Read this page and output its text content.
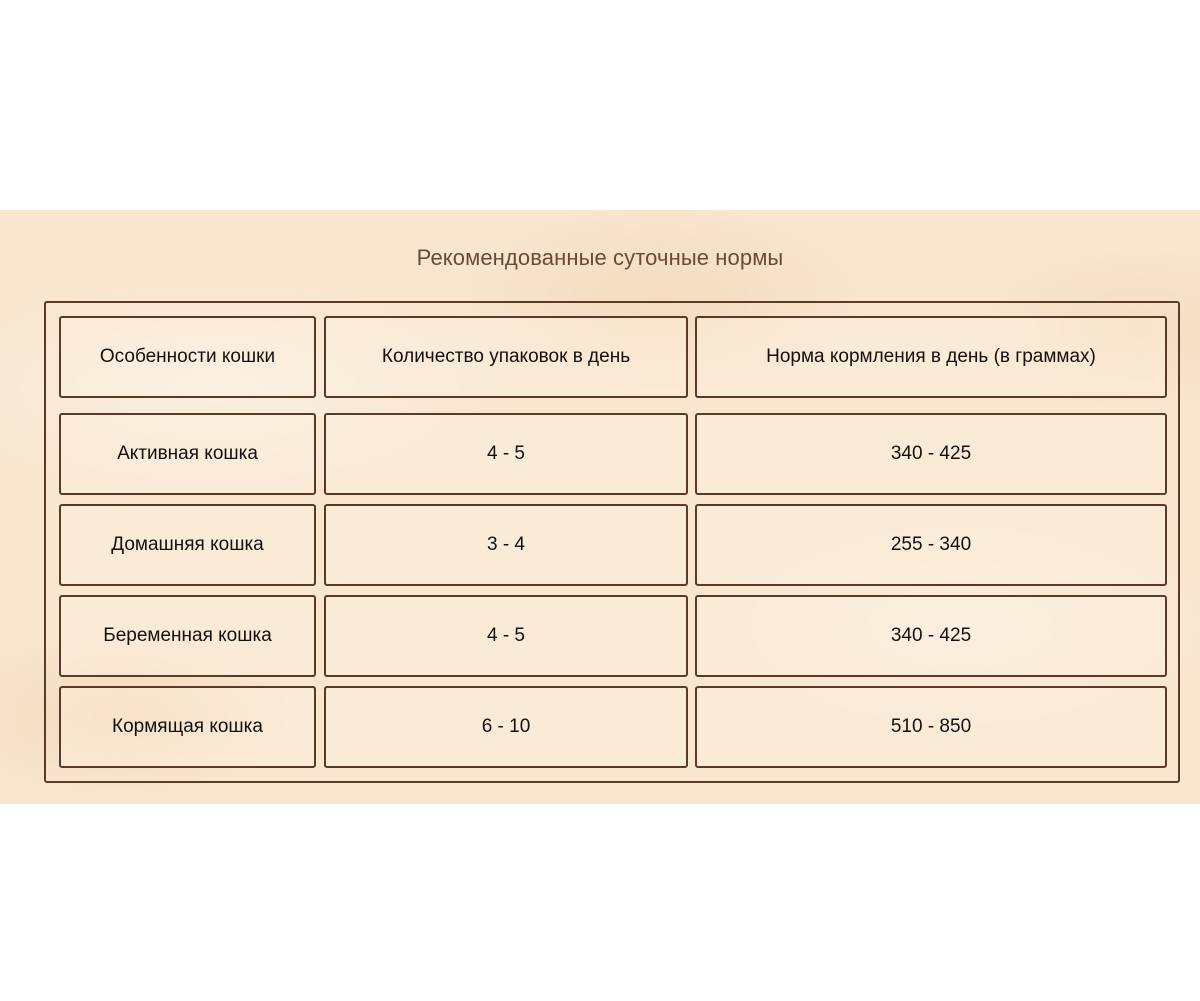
Рекомендованные суточные нормы
Особенности кошки	Количество упаковок в день	Норма кормления в день (в граммах)
Активная кошка	4 - 5	340 - 425
Домашняя кошка	3 - 4	255 - 340
Беременная кошка	4 - 5	340 - 425
Кормящая кошка	6 - 10	510 - 850
